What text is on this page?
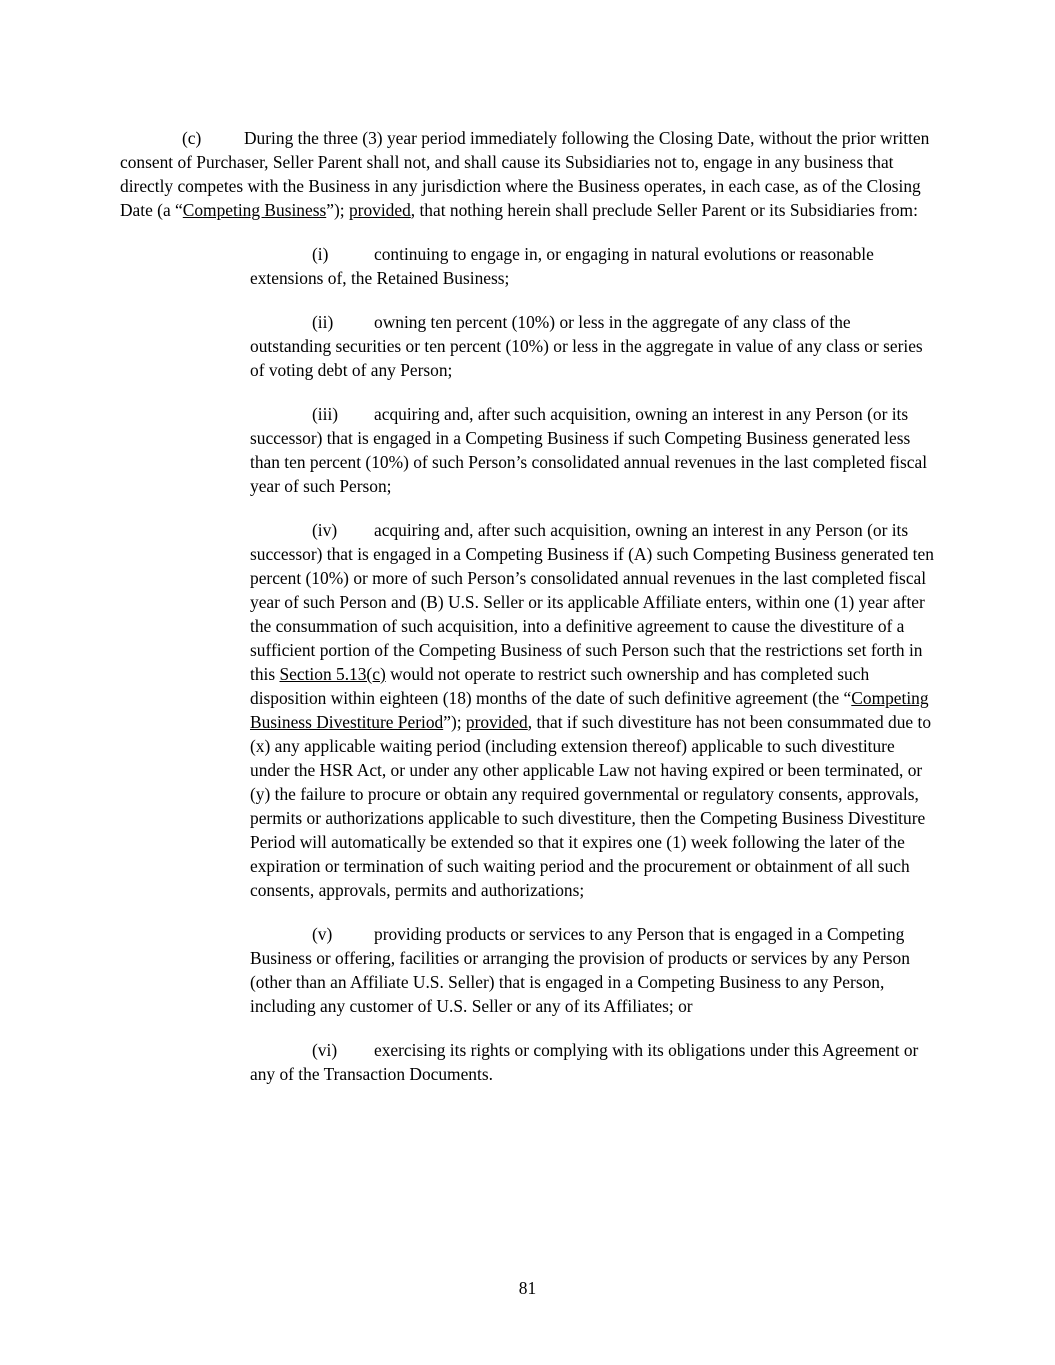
(c) During the three (3) year period immediately following the Closing Date, without the prior written consent of Purchaser, Seller Parent shall not, and shall cause its Subsidiaries not to, engage in any business that directly competes with the Business in any jurisdiction where the Business operates, in each case, as of the Closing Date (a “Competing Business”); provided, that nothing herein shall preclude Seller Parent or its Subsidiaries from:

(i)	continuing to engage in, or engaging in natural evolutions or reasonable extensions of, the Retained Business;

(ii) owning ten percent (10%) or less in the aggregate of any class of the outstanding securities or ten percent (10%) or less in the aggregate in value of any class or series of voting debt of any Person;

(iii) acquiring and, after such acquisition, owning an interest in any Person (or its successor) that is engaged in a Competing Business if such Competing Business generated less than ten percent (10%) of such Person’s consolidated annual revenues in the last completed fiscal year of such Person;

(iv) acquiring and, after such acquisition, owning an interest in any Person (or its successor) that is engaged in a Competing Business if (A) such Competing Business generated ten percent (10%) or more of such Person’s consolidated annual revenues in the last completed fiscal year of such Person and (B) U.S. Seller or its applicable Affiliate enters, within one (1) year after the consummation of such acquisition, into a definitive agreement to cause the divestiture of a sufficient portion of the Competing Business of such Person such that the restrictions set forth in this Section 5.13(c) would not operate to restrict such ownership and has completed such disposition within eighteen (18) months of the date of such definitive agreement (the “Competing Business Divestiture Period”); provided, that if such divestiture has not been consummated due to (x) any applicable waiting period (including extension thereof) applicable to such divestiture under the HSR Act, or under any other applicable Law not having expired or been terminated, or (y) the failure to procure or obtain any required governmental or regulatory consents, approvals, permits or authorizations applicable to such divestiture, then the Competing Business Divestiture Period will automatically be extended so that it expires one (1) week following the later of the expiration or termination of such waiting period and the procurement or obtainment of all such consents, approvals, permits and authorizations;

(v) providing products or services to any Person that is engaged in a Competing Business or offering, facilities or arranging the provision of products or services by any Person (other than an Affiliate U.S. Seller) that is engaged in a Competing Business to any Person, including any customer of U.S. Seller or any of its Affiliates; or

(vi) exercising its rights or complying with its obligations under this Agreement or any of the Transaction Documents.

81
